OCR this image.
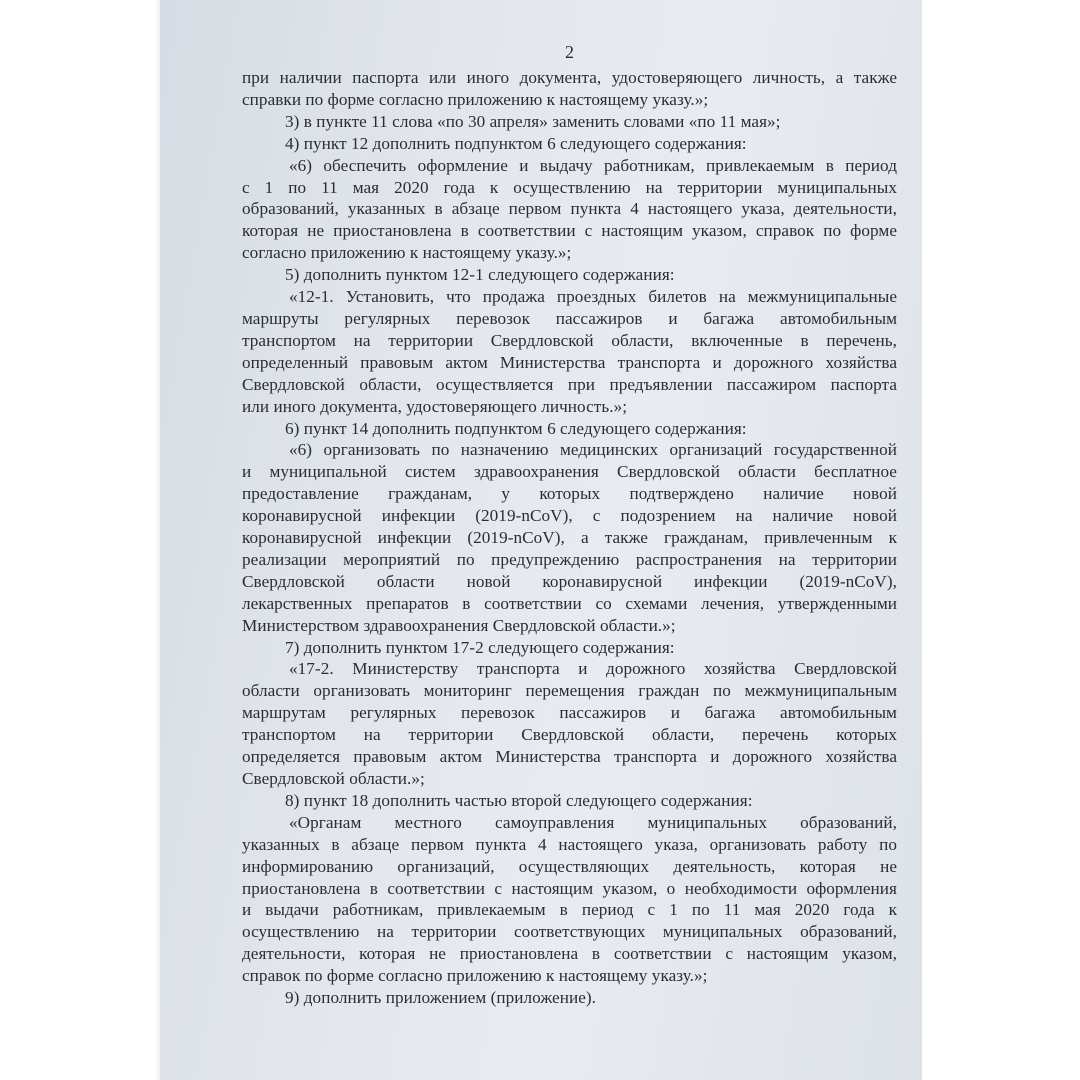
2
при наличии паспорта или иного документа, удостоверяющего личность, а также
справки по форме согласно приложению к настоящему указу.»;
3) в пункте 11 слова «по 30 апреля» заменить словами «по 11 мая»;
4) пункт 12 дополнить подпунктом 6 следующего содержания:
«6) обеспечить оформление и выдачу работникам, привлекаемым в период
с 1 по 11 мая 2020 года к осуществлению на территории муниципальных
образований, указанных в абзаце первом пункта 4 настоящего указа, деятельности,
которая не приостановлена в соответствии с настоящим указом, справок по форме
согласно приложению к настоящему указу.»;
5) дополнить пунктом 12-1 следующего содержания:
«12-1. Установить, что продажа проездных билетов на межмуниципальные
маршруты регулярных перевозок пассажиров и багажа автомобильным
транспортом на территории Свердловской области, включенные в перечень,
определенный правовым актом Министерства транспорта и дорожного хозяйства
Свердловской области, осуществляется при предъявлении пассажиром паспорта
или иного документа, удостоверяющего личность.»;
6) пункт 14 дополнить подпунктом 6 следующего содержания:
«6) организовать по назначению медицинских организаций государственной
и муниципальной систем здравоохранения Свердловской области бесплатное
предоставление гражданам, у которых подтверждено наличие новой
коронавирусной инфекции (2019-nCoV), с подозрением на наличие новой
коронавирусной инфекции (2019-nCoV), а также гражданам, привлеченным к
реализации мероприятий по предупреждению распространения на территории
Свердловской области новой коронавирусной инфекции (2019-nCoV),
лекарственных препаратов в соответствии со схемами лечения, утвержденными
Министерством здравоохранения Свердловской области.»;
7) дополнить пунктом 17-2 следующего содержания:
«17-2. Министерству транспорта и дорожного хозяйства Свердловской
области организовать мониторинг перемещения граждан по межмуниципальным
маршрутам регулярных перевозок пассажиров и багажа автомобильным
транспортом на территории Свердловской области, перечень которых
определяется правовым актом Министерства транспорта и дорожного хозяйства
Свердловской области.»;
8) пункт 18 дополнить частью второй следующего содержания:
«Органам местного самоуправления муниципальных образований,
указанных в абзаце первом пункта 4 настоящего указа, организовать работу по
информированию организаций, осуществляющих деятельность, которая не
приостановлена в соответствии с настоящим указом, о необходимости оформления
и выдачи работникам, привлекаемым в период с 1 по 11 мая 2020 года к
осуществлению на территории соответствующих муниципальных образований,
деятельности, которая не приостановлена в соответствии с настоящим указом,
справок по форме согласно приложению к настоящему указу.»;
9) дополнить приложением (приложение).
